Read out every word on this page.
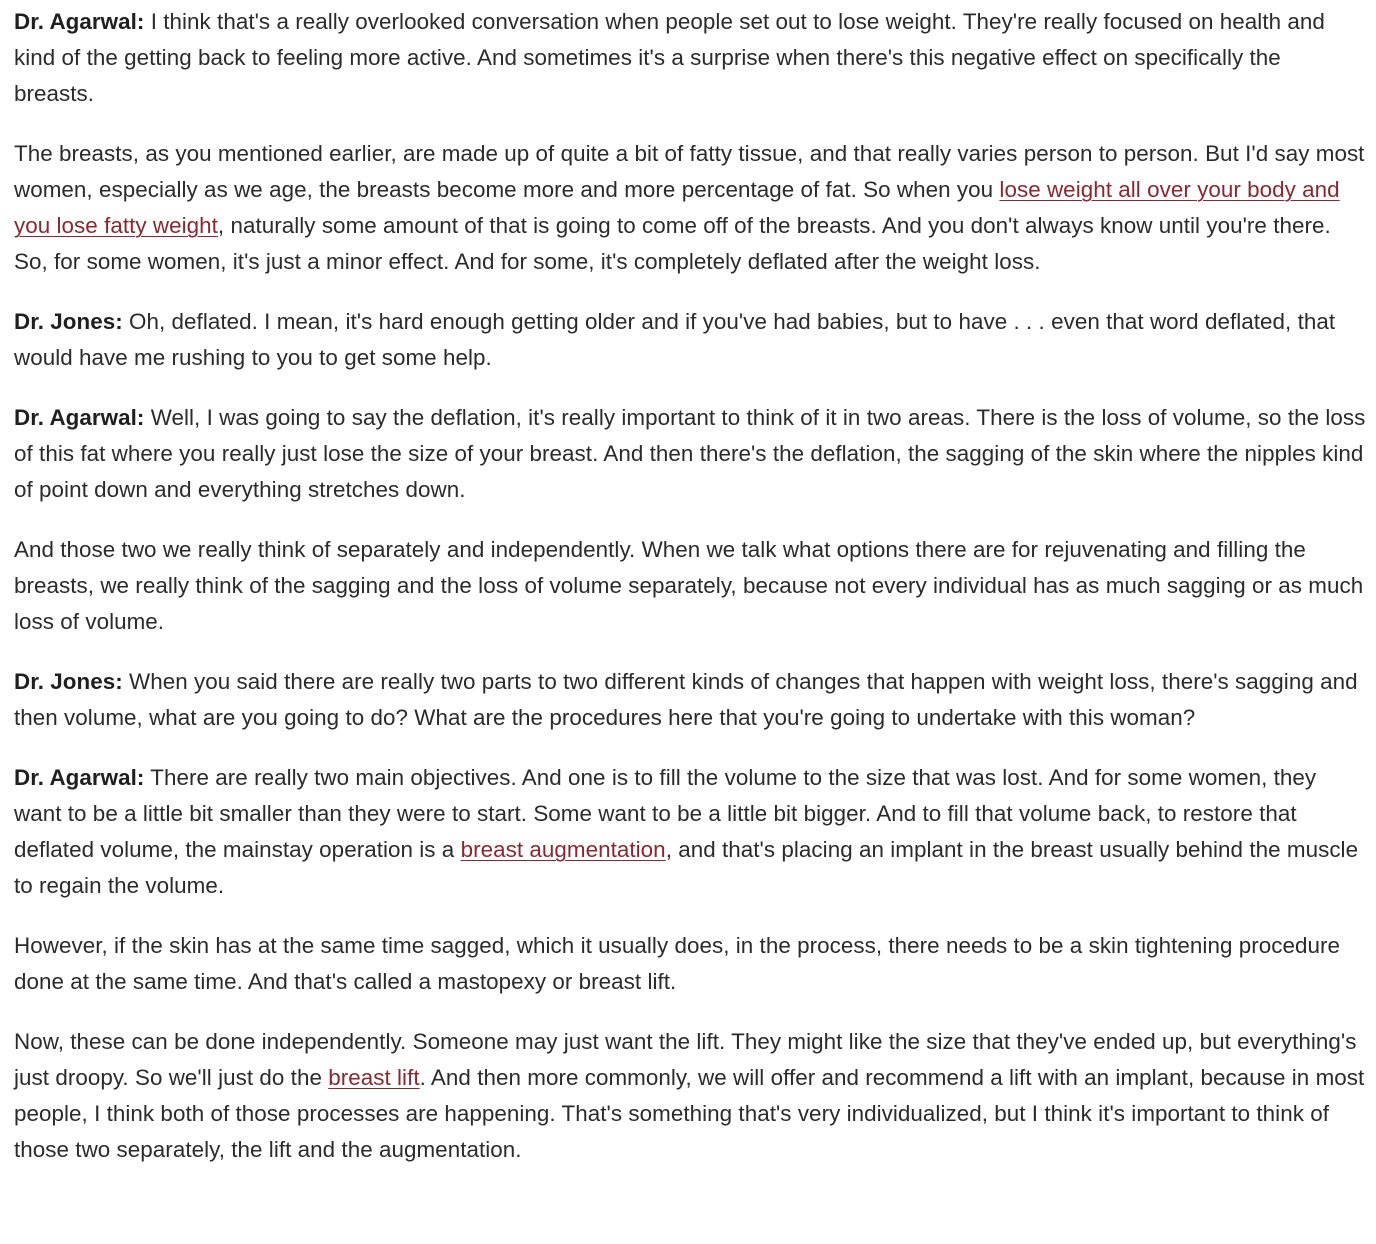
Dr. Agarwal: I think that's a really overlooked conversation when people set out to lose weight. They're really focused on health and kind of the getting back to feeling more active. And sometimes it's a surprise when there's this negative effect on specifically the breasts.

The breasts, as you mentioned earlier, are made up of quite a bit of fatty tissue, and that really varies person to person. But I'd say most women, especially as we age, the breasts become more and more percentage of fat. So when you lose weight all over your body and you lose fatty weight, naturally some amount of that is going to come off of the breasts. And you don't always know until you're there. So, for some women, it's just a minor effect. And for some, it's completely deflated after the weight loss.

Dr. Jones: Oh, deflated. I mean, it's hard enough getting older and if you've had babies, but to have . . . even that word deflated, that would have me rushing to you to get some help.

Dr. Agarwal: Well, I was going to say the deflation, it's really important to think of it in two areas. There is the loss of volume, so the loss of this fat where you really just lose the size of your breast. And then there's the deflation, the sagging of the skin where the nipples kind of point down and everything stretches down.

And those two we really think of separately and independently. When we talk what options there are for rejuvenating and filling the breasts, we really think of the sagging and the loss of volume separately, because not every individual has as much sagging or as much loss of volume.

Dr. Jones: When you said there are really two parts to two different kinds of changes that happen with weight loss, there's sagging and then volume, what are you going to do? What are the procedures here that you're going to undertake with this woman?

Dr. Agarwal: There are really two main objectives. And one is to fill the volume to the size that was lost. And for some women, they want to be a little bit smaller than they were to start. Some want to be a little bit bigger. And to fill that volume back, to restore that deflated volume, the mainstay operation is a breast augmentation, and that's placing an implant in the breast usually behind the muscle to regain the volume.

However, if the skin has at the same time sagged, which it usually does, in the process, there needs to be a skin tightening procedure done at the same time. And that's called a mastopexy or breast lift.

Now, these can be done independently. Someone may just want the lift. They might like the size that they've ended up, but everything's just droopy. So we'll just do the breast lift. And then more commonly, we will offer and recommend a lift with an implant, because in most people, I think both of those processes are happening. That's something that's very individualized, but I think it's important to think of those two separately, the lift and the augmentation.
